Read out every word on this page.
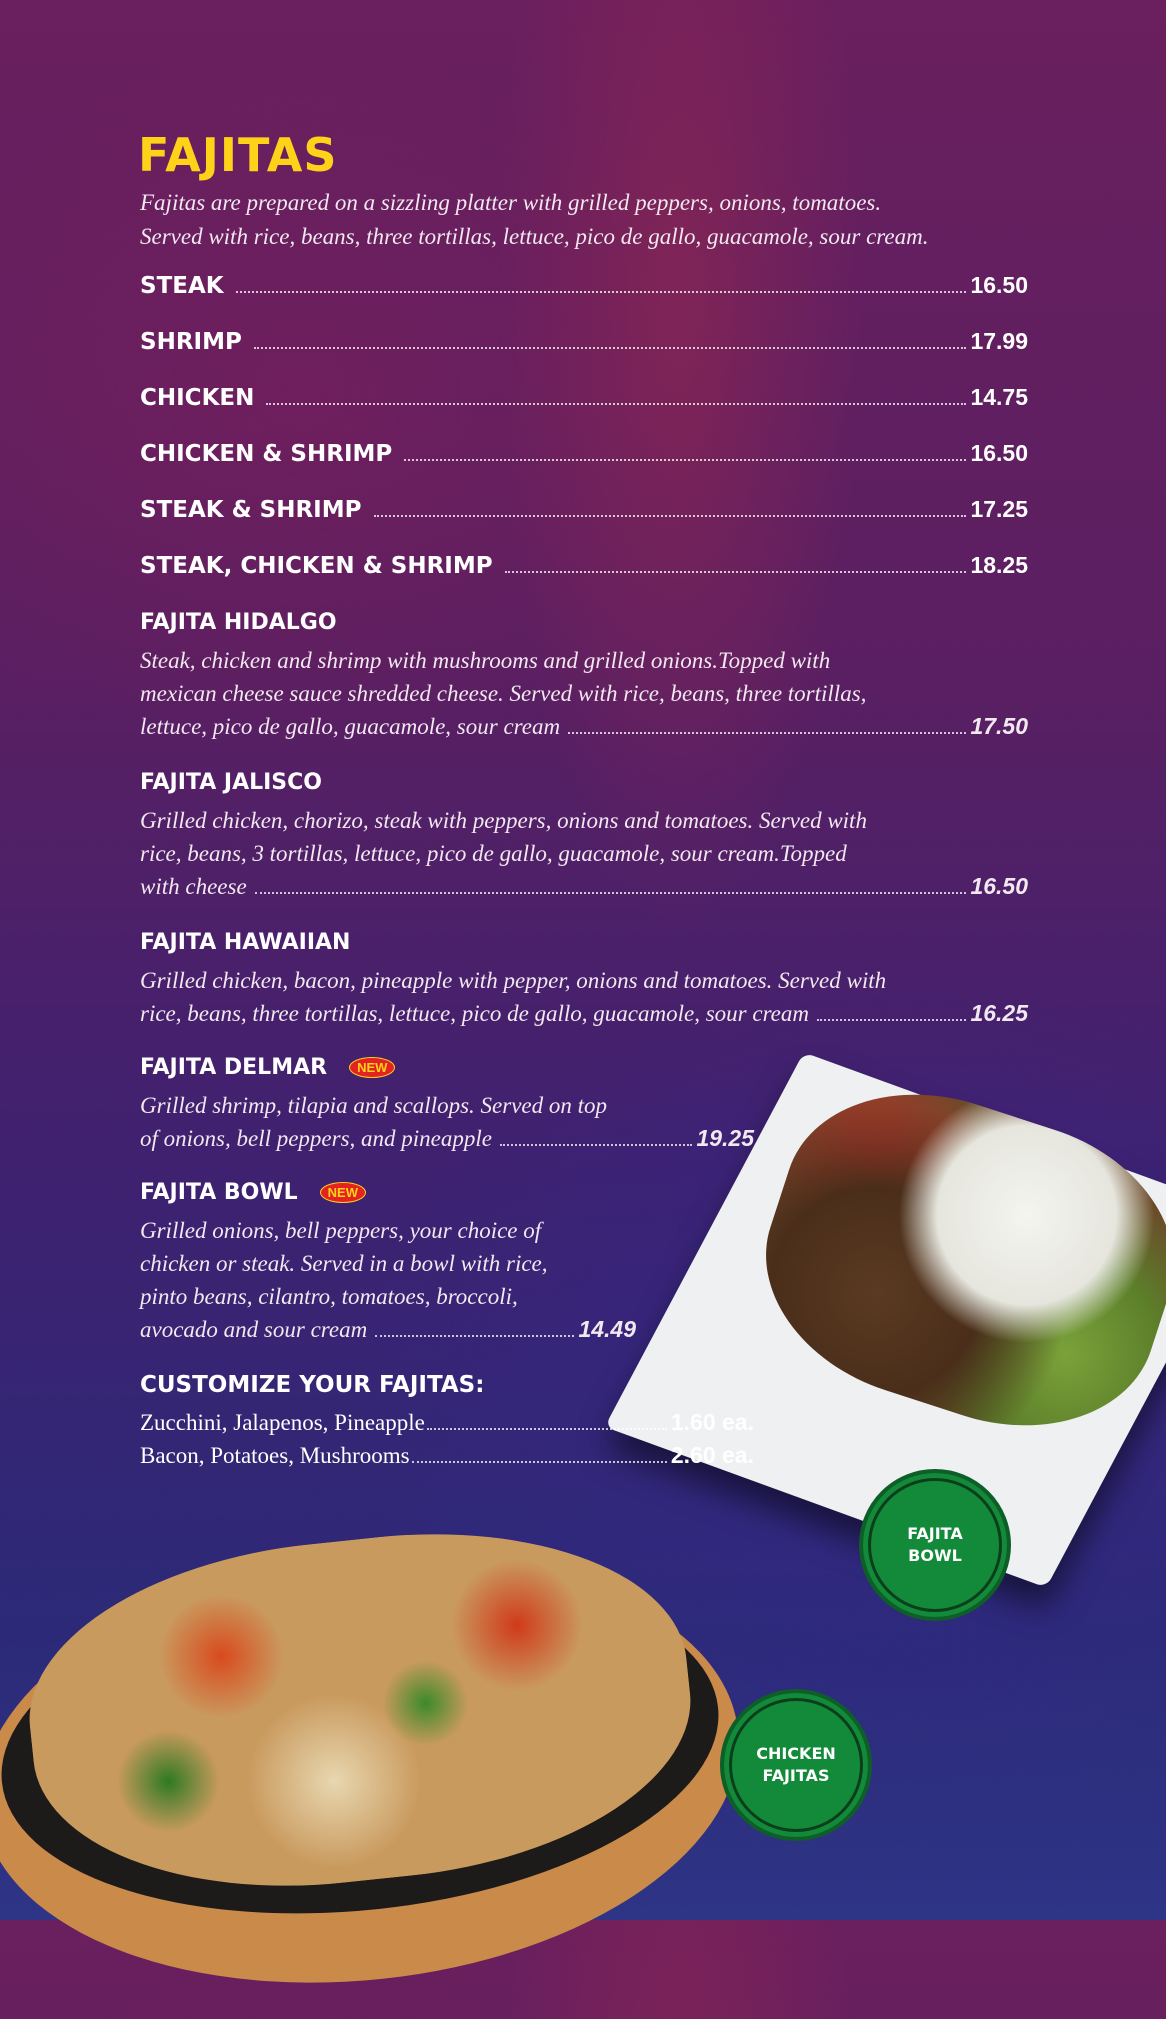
FAJITAS
Fajitas are prepared on a sizzling platter with grilled peppers, onions, tomatoes.
Served with rice, beans, three tortillas, lettuce, pico de gallo, guacamole, sour cream.
STEAK	16.50
SHRIMP	17.99
CHICKEN	14.75
CHICKEN & SHRIMP	16.50
STEAK & SHRIMP	17.25
STEAK, CHICKEN & SHRIMP	18.25
FAJITA HIDALGO
Steak, chicken and shrimp with mushrooms and grilled onions.Topped with
mexican cheese sauce shredded cheese. Served with rice, beans, three tortillas,
lettuce, pico de gallo, guacamole, sour cream	17.50
FAJITA JALISCO
Grilled chicken, chorizo, steak with peppers, onions and tomatoes. Served with
rice, beans, 3 tortillas, lettuce, pico de gallo, guacamole, sour cream.Topped
with cheese	16.50
FAJITA HAWAIIAN
Grilled chicken, bacon, pineapple with pepper, onions and tomatoes. Served with
rice, beans, three tortillas, lettuce, pico de gallo, guacamole, sour cream	16.25
FAJITA DELMAR	NEW
Grilled shrimp, tilapia and scallops. Served on top
of onions, bell peppers, and pineapple	19.25
FAJITA BOWL	NEW
Grilled onions, bell peppers, your choice of
chicken or steak. Served in a bowl with rice,
pinto beans, cilantro, tomatoes, broccoli,
avocado and sour cream	14.49
CUSTOMIZE YOUR FAJITAS:
Zucchini, Jalapenos, Pineapple	1.60 ea.
Bacon, Potatoes, Mushrooms	2.60 ea.
FAJITA
BOWL
CHICKEN
FAJITAS
